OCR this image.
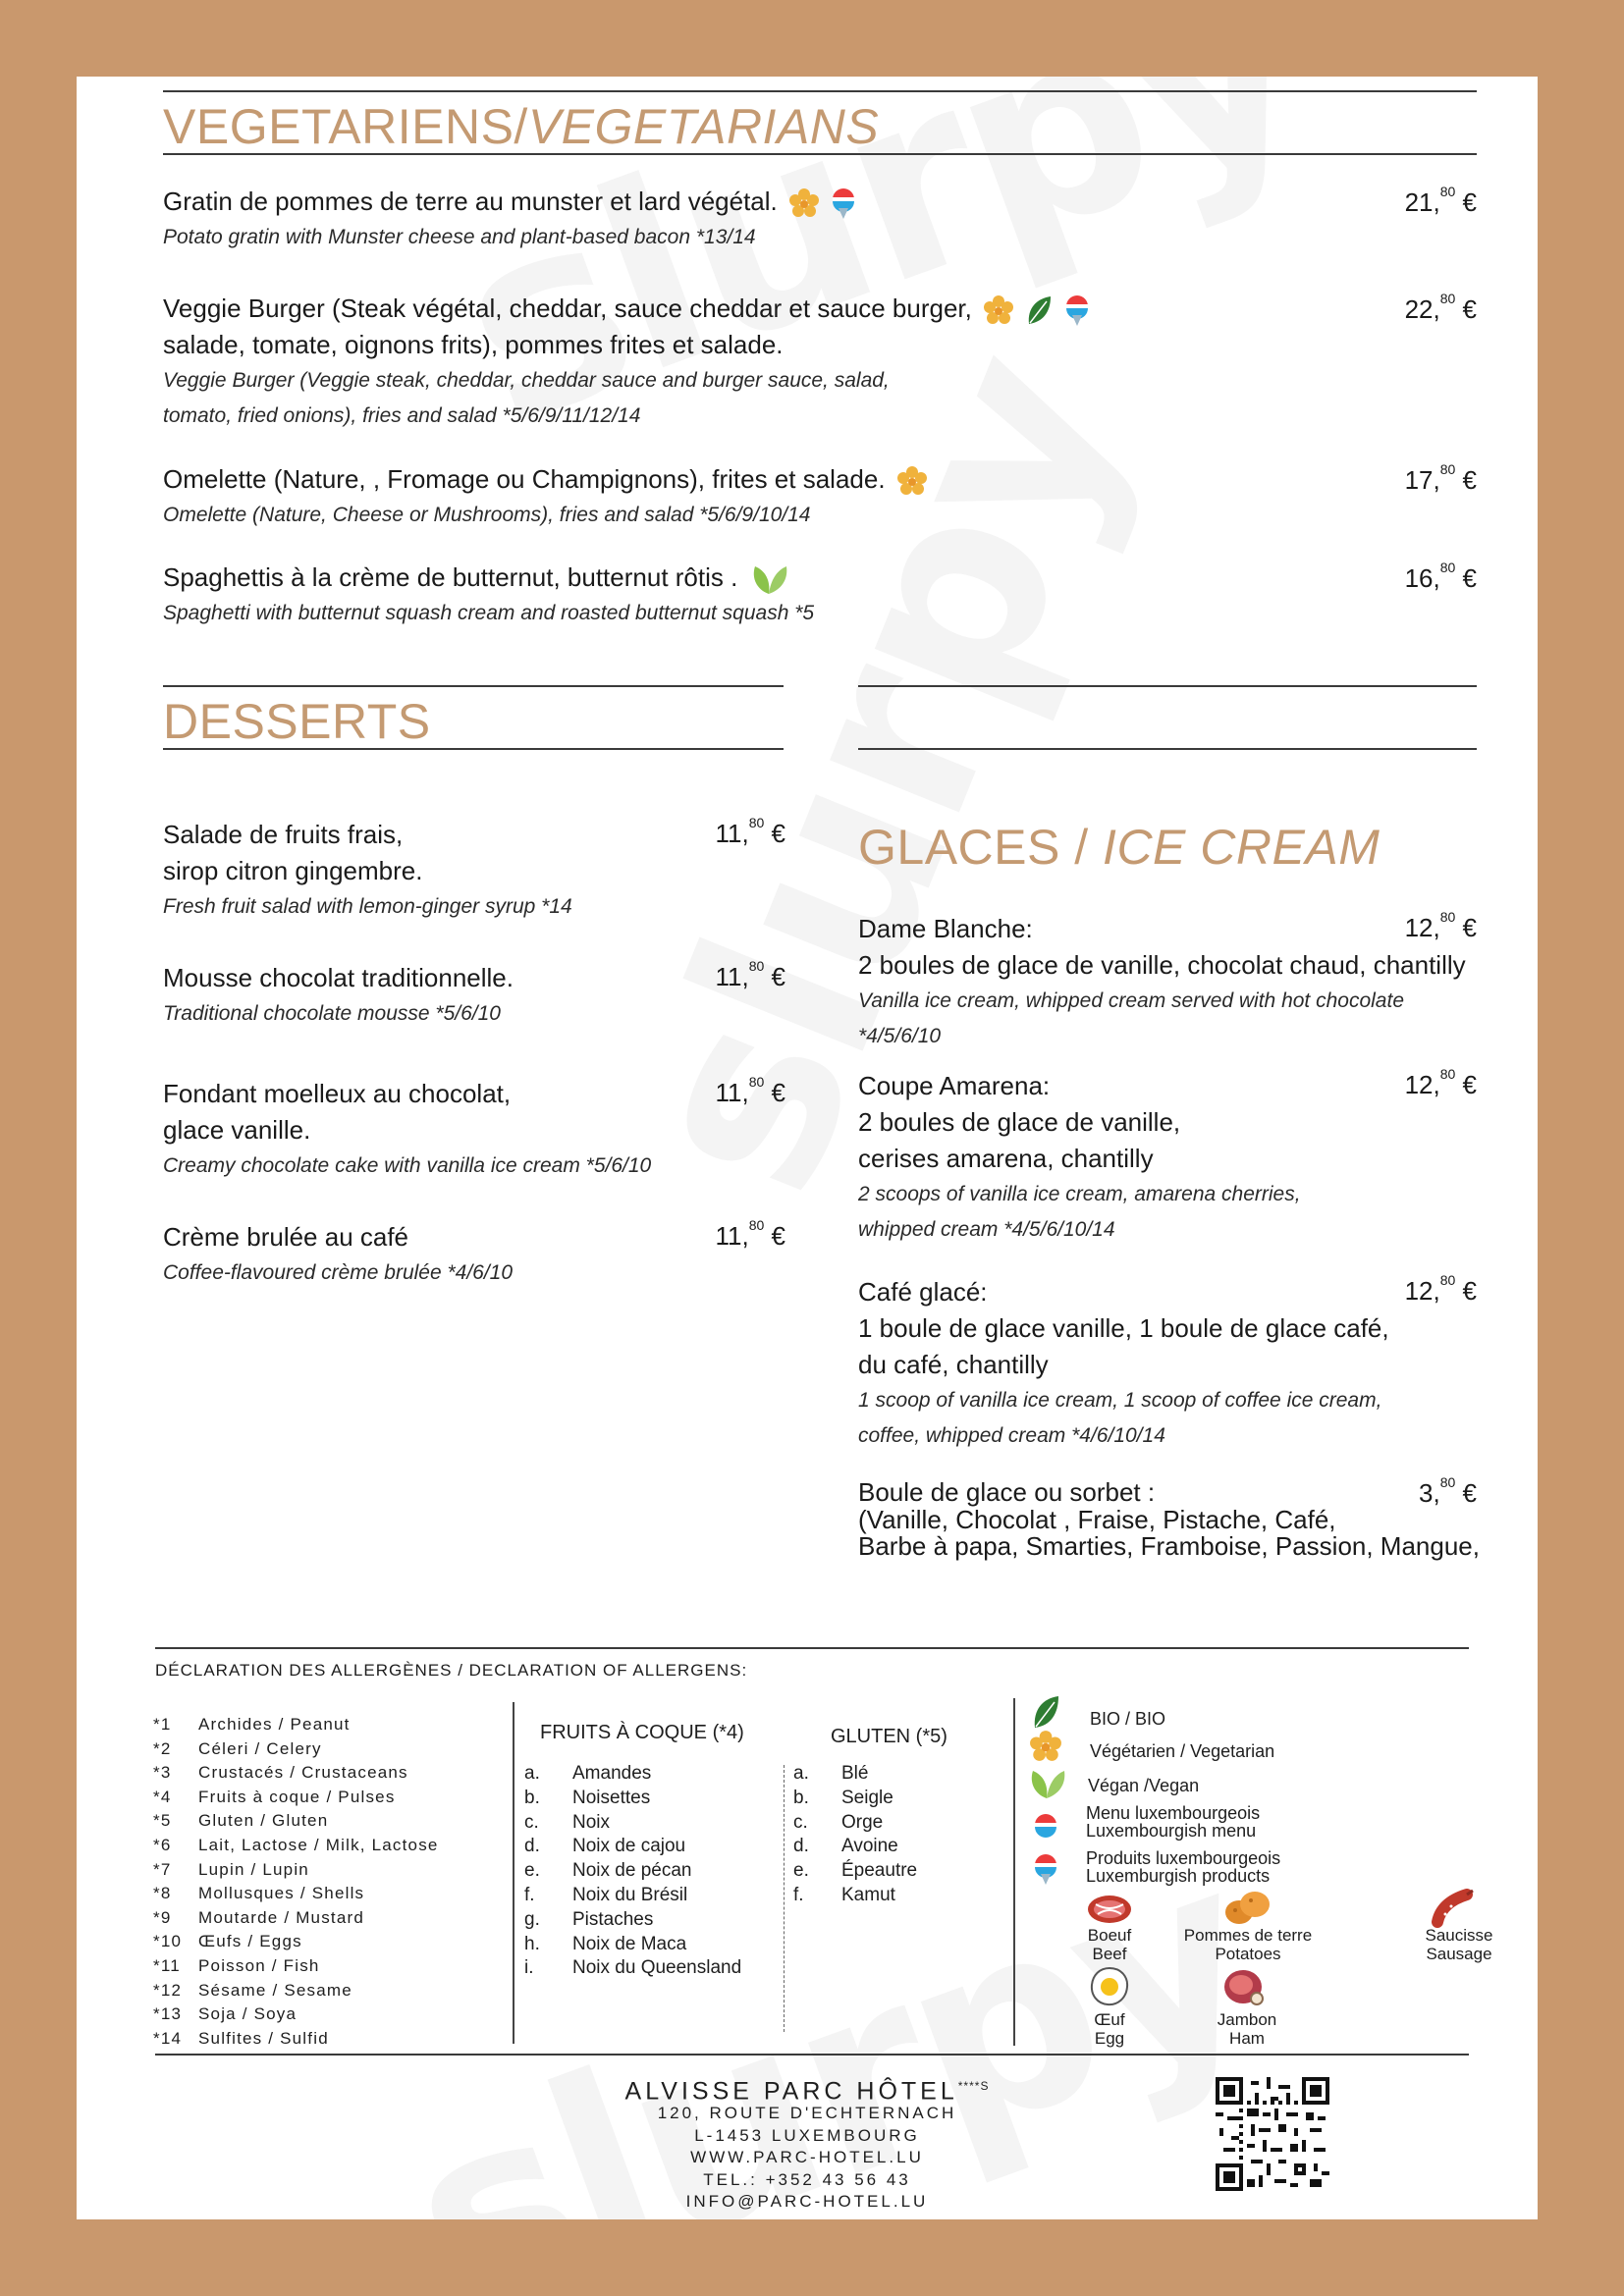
VEGETARIENS/VEGETARIANS
Gratin de pommes de terre au munster et lard végétal.
Potato gratin with Munster cheese and plant-based bacon *13/14
21,80 €
Veggie Burger (Steak végétal, cheddar, sauce cheddar et sauce burger,
salade, tomate, oignons frits), pommes frites et salade.
Veggie Burger (Veggie steak, cheddar, cheddar sauce and burger sauce, salad,
tomato, fried onions), fries and salad *5/6/9/11/12/14
22,80 €
Omelette (Nature, , Fromage ou Champignons), frites et salade.
Omelette (Nature, Cheese or Mushrooms), fries and salad *5/6/9/10/14
17,80 €
Spaghettis à la crème de butternut, butternut rôtis .
Spaghetti with butternut squash cream and roasted butternut squash *5
16,80 €
DESSERTS
Salade de fruits frais,
sirop citron gingembre.
Fresh fruit salad with lemon-ginger syrup *14
11,80 €
Mousse chocolat traditionnelle.
Traditional chocolate mousse *5/6/10
11,80 €
Fondant moelleux au chocolat,
glace vanille.
Creamy chocolate cake with vanilla ice cream *5/6/10
11,80 €
Crème brulée au café
Coffee-flavoured crème brulée *4/6/10
11,80 €
GLACES / ICE CREAM
Dame Blanche:
2 boules de glace de vanille, chocolat chaud, chantilly
Vanilla ice cream, whipped cream served with hot chocolate
*4/5/6/10
12,80 €
Coupe Amarena:
2 boules de glace de vanille,
cerises amarena, chantilly
2 scoops of vanilla ice cream, amarena cherries,
whipped cream *4/5/6/10/14
12,80 €
Café glacé:
1 boule de glace vanille, 1 boule de glace café,
du café, chantilly
1 scoop of vanilla ice cream, 1 scoop of coffee ice cream,
coffee, whipped cream *4/6/10/14
12,80 €
Boule de glace ou sorbet :
(Vanille, Chocolat , Fraise, Pistache, Café,
Barbe à papa, Smarties, Framboise, Passion, Mangue,
3,80 €
DÉCLARATION DES ALLERGÈNES / DECLARATION OF ALLERGENS:
*1 Archides / Peanut
*2 Céleri / Celery
*3 Crustacés / Crustaceans
*4 Fruits à coque / Pulses
*5 Gluten / Gluten
*6 Lait, Lactose / Milk, Lactose
*7 Lupin / Lupin
*8 Mollusques / Shells
*9 Moutarde / Mustard
*10 Œufs / Eggs
*11 Poisson / Fish
*12 Sésame / Sesame
*13 Soja / Soya
*14 Sulfites / Sulfid
FRUITS À COQUE (*4)
a. Amandes
b. Noisettes
c. Noix
d. Noix de cajou
e. Noix de pécan
f. Noix du Brésil
g. Pistaches
h. Noix de Maca
i. Noix du Queensland
GLUTEN (*5)
a. Blé
b. Seigle
c. Orge
d. Avoine
e. Épeautre
f. Kamut
BIO / BIO
Végétarien / Vegetarian
Végan /Vegan
Menu luxembourgeois
Luxembourgish menu
Produits luxembourgeois
Luxemburgish products
Boeuf
Beef
Pommes de terre
Potatoes
Saucisse
Sausage
Œuf
Egg
Jambon
Ham
ALVISSE PARC $HÔTEL^{****S}$
120, ROUTE D'ECHTERNACH
L-1453 LUXEMBOURG
WWW.PARC-HOTEL.LU
TEL.: +352 43 56 43
INFO@PARC-HOTEL.LU
